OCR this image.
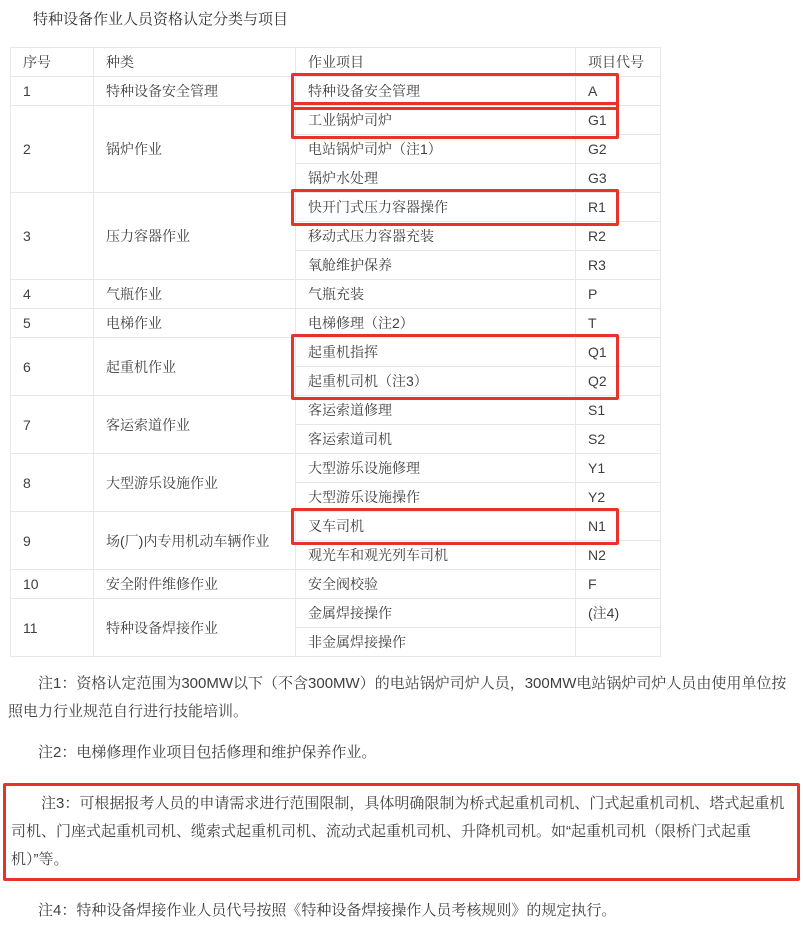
特种设备作业人员资格认定分类与项目

序号	种类	作业项目	项目代号
1	特种设备安全管理	特种设备安全管理	A
2	锅炉作业	工业锅炉司炉	G1
		电站锅炉司炉（注1）	G2
		锅炉水处理	G3
3	压力容器作业	快开门式压力容器操作	R1
		移动式压力容器充装	R2
		氧舱维护保养	R3
4	气瓶作业	气瓶充装	P
5	电梯作业	电梯修理（注2）	T
6	起重机作业	起重机指挥	Q1
		起重机司机（注3）	Q2
7	客运索道作业	客运索道修理	S1
		客运索道司机	S2
8	大型游乐设施作业	大型游乐设施修理	Y1
		大型游乐设施操作	Y2
9	场(厂)内专用机动车辆作业	叉车司机	N1
		观光车和观光列车司机	N2
10	安全附件维修作业	安全阀校验	F
11	特种设备焊接作业	金属焊接操作	(注4)
		非金属焊接操作	

注1：资格认定范围为300MW以下（不含300MW）的电站锅炉司炉人员，300MW电站锅炉司炉人员由使用单位按照电力行业规范自行进行技能培训。

注2：电梯修理作业项目包括修理和维护保养作业。

注3：可根据报考人员的申请需求进行范围限制，具体明确限制为桥式起重机司机、门式起重机司机、塔式起重机司机、门座式起重机司机、缆索式起重机司机、流动式起重机司机、升降机司机。如“起重机司机（限桥门式起重机）”等。

注4：特种设备焊接作业人员代号按照《特种设备焊接操作人员考核规则》的规定执行。
